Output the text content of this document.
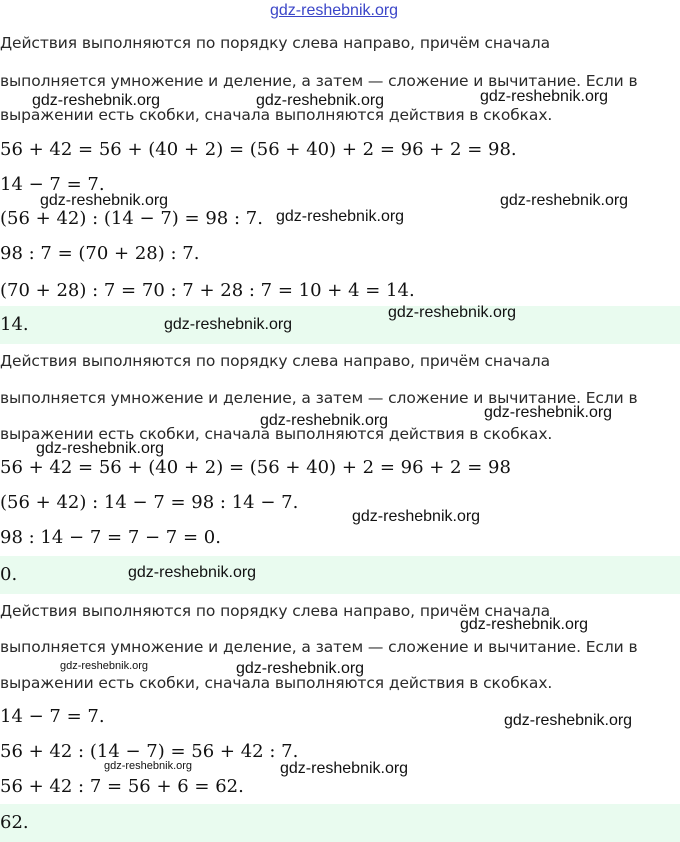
gdz-reshebnik.org
Действия выполняются по порядку слева направо, причём сначала
выполняется умножение и деление, а затем — сложение и вычитание. Если в
выражении есть скобки, сначала выполняются действия в скобках.
56 + 42 = 56 + (40 + 2) = (56 + 40) + 2 = 96 + 2 = 98.
14 − 7 = 7.
(56 + 42) : (14 − 7) = 98 : 7.
98 : 7 = (70 + 28) : 7.
(70 + 28) : 7 = 70 : 7 + 28 : 7 = 10 + 4 = 14.
14.
Действия выполняются по порядку слева направо, причём сначала
выполняется умножение и деление, а затем — сложение и вычитание. Если в
выражении есть скобки, сначала выполняются действия в скобках.
56 + 42 = 56 + (40 + 2) = (56 + 40) + 2 = 96 + 2 = 98
(56 + 42) : 14 − 7 = 98 : 14 − 7.
98 : 14 − 7 = 7 − 7 = 0.
0.
Действия выполняются по порядку слева направо, причём сначала
выполняется умножение и деление, а затем — сложение и вычитание. Если в
выражении есть скобки, сначала выполняются действия в скобках.
14 − 7 = 7.
56 + 42 : (14 − 7) = 56 + 42 : 7.
56 + 42 : 7 = 56 + 6 = 62.
62.
gdz-reshebnik.org	gdz-reshebnik.org	gdz-reshebnik.org
gdz-reshebnik.org
gdz-reshebnik.org
gdz-reshebnik.org
gdz-reshebnik.org
gdz-reshebnik.org
gdz-reshebnik.org	gdz-reshebnik.org
gdz-reshebnik.org
gdz-reshebnik.org
gdz-reshebnik.org
gdz-reshebnik.org
gdz-reshebnik.org	gdz-reshebnik.org
gdz-reshebnik.org
gdz-reshebnik.org	gdz-reshebnik.org
